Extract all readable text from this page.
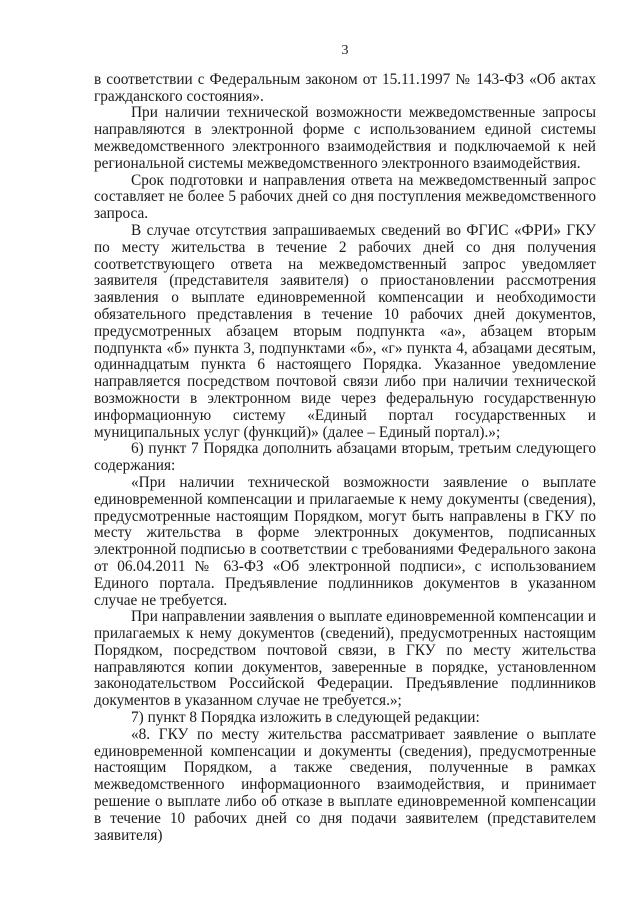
3

в соответствии с Федеральным законом от 15.11.1997 № 143-ФЗ «Об актах гражданского состояния».

При наличии технической возможности межведомственные запросы направляются в электронной форме с использованием единой системы межведомственного электронного взаимодействия и подключаемой к ней региональной системы межведомственного электронного взаимодействия.

Срок подготовки и направления ответа на межведомственный запрос составляет не более 5 рабочих дней со дня поступления межведомственного запроса.

В случае отсутствия запрашиваемых сведений во ФГИС «ФРИ» ГКУ по месту жительства в течение 2 рабочих дней со дня получения соответствующего ответа на межведомственный запрос уведомляет заявителя (представителя заявителя) о приостановлении рассмотрения заявления о выплате единовременной компенсации и необходимости обязательного представления в течение 10 рабочих дней документов, предусмотренных абзацем вторым подпункта «а», абзацем вторым подпункта «б» пункта 3, подпунктами «б», «г» пункта 4, абзацами десятым, одиннадцатым пункта 6 настоящего Порядка. Указанное уведомление направляется посредством почтовой связи либо при наличии технической возможности в электронном виде через федеральную государственную информационную систему «Единый портал государственных и муниципальных услуг (функций)» (далее – Единый портал).»;

6) пункт 7 Порядка дополнить абзацами вторым, третьим следующего содержания:

«При наличии технической возможности заявление о выплате единовременной компенсации и прилагаемые к нему документы (сведения), предусмотренные настоящим Порядком, могут быть направлены в ГКУ по месту жительства в форме электронных документов, подписанных электронной подписью в соответствии с требованиями Федерального закона от 06.04.2011 № 63-ФЗ «Об электронной подписи», с использованием Единого портала. Предъявление подлинников документов в указанном случае не требуется.

При направлении заявления о выплате единовременной компенсации и прилагаемых к нему документов (сведений), предусмотренных настоящим Порядком, посредством почтовой связи, в ГКУ по месту жительства направляются копии документов, заверенные в порядке, установленном законодательством Российской Федерации. Предъявление подлинников документов в указанном случае не требуется.»;

7) пункт 8 Порядка изложить в следующей редакции:

«8. ГКУ по месту жительства рассматривает заявление о выплате единовременной компенсации и документы (сведения), предусмотренные настоящим Порядком, а также сведения, полученные в рамках межведомственного информационного взаимодействия, и принимает решение о выплате либо об отказе в выплате единовременной компенсации в течение 10 рабочих дней со дня подачи заявителем (представителем заявителя)
